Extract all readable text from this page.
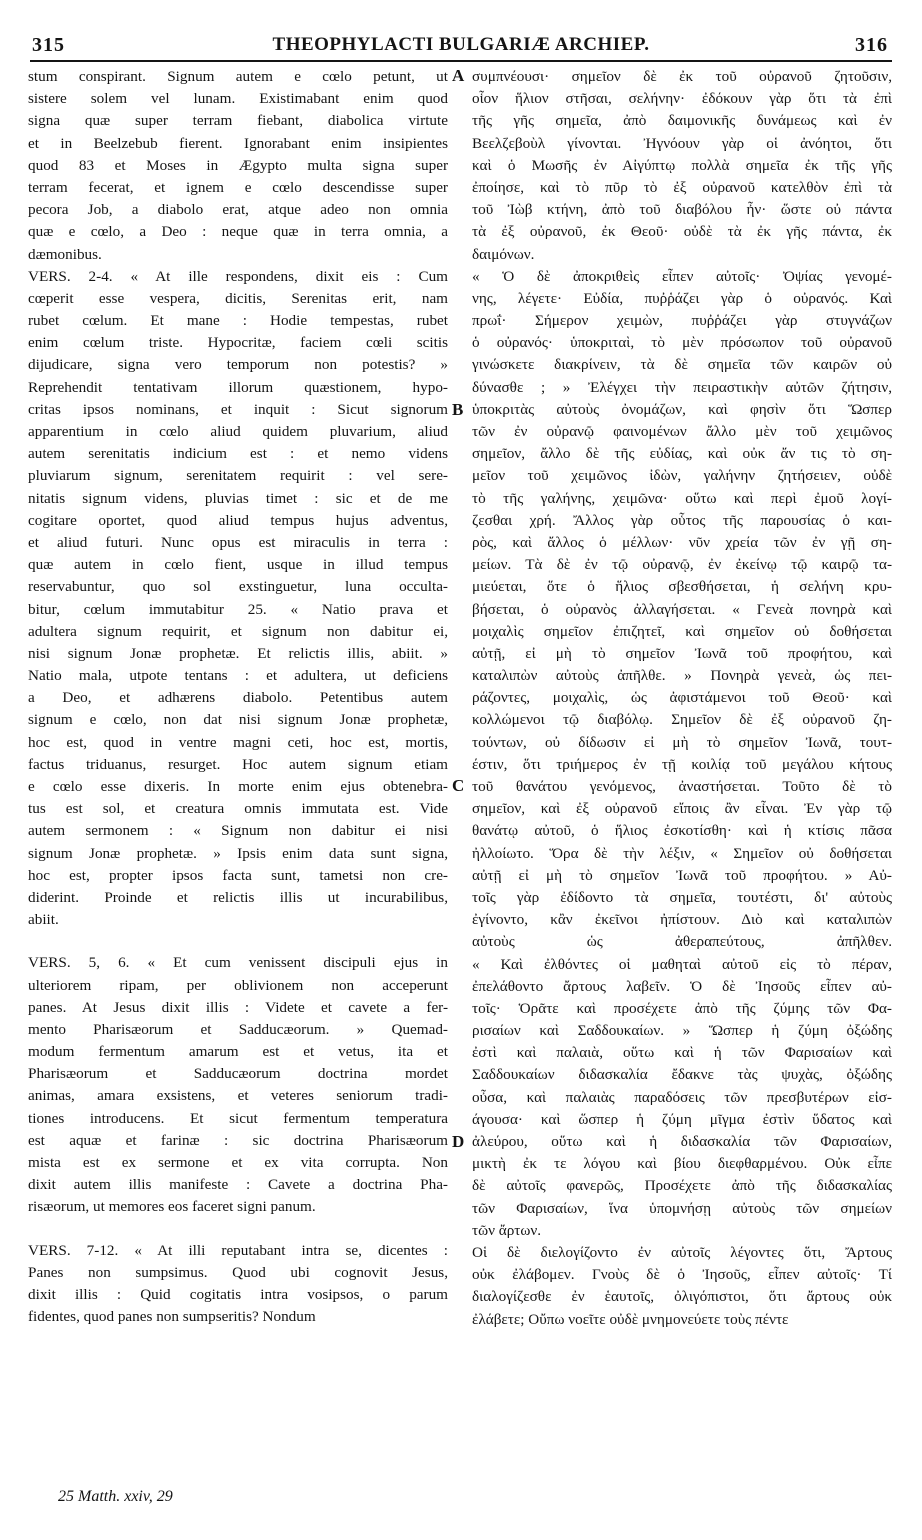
315	THEOPHYLACTI BULGARIÆ ARCHIEP.	316
stum conspirant. Signum autem e cœlo petunt, ut
sistere solem vel lunam. Existimabant enim quod
signa quæ super terram fiebant, diabolica virtute
et in Beelzebub fierent. Ignorabant enim insipientes
quod 83 et Moses in Ægypto multa signa super
terram fecerat, et ignem e cœlo descendisse super
pecora Job, a diabolo erat, atque adeo non omnia
quæ e cœlo, a Deo : neque quæ in terra omnia, a
dæmonibus.
VERS. 2-4. « At ille respondens, dixit eis : Cum
cœperit esse vespera, dicitis, Serenitas erit, nam
rubet cœlum. Et mane : Hodie tempestas, rubet
enim cœlum triste. Hypocritæ, faciem cœli scitis
dijudicare, signa vero temporum non potestis? »
Reprehendit tentativam illorum quæstionem, hypo-
critas ipsos nominans, et inquit : Sicut signorum
apparentium in cœlo aliud quidem pluvarium, aliud
autem serenitatis indicium est : et nemo videns
pluviarum signum, serenitatem requirit : vel sere-
nitatis signum videns, pluvias timet : sic et de me
cogitare oportet, quod aliud tempus hujus adventus,
et aliud futuri. Nunc opus est miraculis in terra :
quæ autem in cœlo fient, usque in illud tempus
reservabuntur, quo sol exstinguetur, luna occulta-
bitur, cœlum immutabitur 25. « Natio prava et
adultera signum requirit, et signum non dabitur ei,
nisi signum Jonæ prophetæ. Et relictis illis, abiit. »
Natio mala, utpote tentans : et adultera, ut deficiens
a Deo, et adhærens diabolo. Petentibus autem
signum e cœlo, non dat nisi signum Jonæ prophetæ,
hoc est, quod in ventre magni ceti, hoc est, mortis,
factus triduanus, resurget. Hoc autem signum etiam
e cœlo esse dixeris. In morte enim ejus obtenebra-
tus est sol, et creatura omnis immutata est. Vide
autem sermonem : « Signum non dabitur ei nisi
signum Jonæ prophetæ. » Ipsis enim data sunt signa,
hoc est, propter ipsos facta sunt, tametsi non cre-
diderint. Proinde et relictis illis ut incurabilibus,
abiit.
VERS. 5, 6. « Et cum venissent discipuli ejus in
ulteriorem ripam, per oblivionem non acceperunt
panes. At Jesus dixit illis : Videte et cavete a fer-
mento Pharisæorum et Sadducæorum. » Quemad-
modum fermentum amarum est et vetus, ita et
Pharisæorum et Sadducæorum doctrina mordet
animas, amara exsistens, et veteres seniorum tradi-
tiones introducens. Et sicut fermentum temperatura
est aquæ et farinæ : sic doctrina Pharisæorum
mista est ex sermone et ex vita corrupta. Non
dixit autem illis manifeste : Cavete a doctrina Pha-
risæorum, ut memores eos faceret signi panum.
VERS. 7-12. « At illi reputabant intra se, dicentes :
Panes non sumpsimus. Quod ubi cognovit Jesus,
dixit illis : Quid cogitatis intra vosipsos, o parum
fidentes, quod panes non sumpseritis? Nondum
συμπνέουσι· σημεῖον δὲ ἐκ τοῦ οὐρανοῦ ζητοῦσιν,
οἷον ἥλιον στῆσαι, σελήνην· ἐδόκουν γὰρ ὅτι τὰ ἐπὶ
τῆς γῆς σημεῖα, ἀπὸ δαιμονικῆς δυνάμεως καὶ ἐν
Βεελζεβοὺλ γίνονται. Ἠγνόουν γὰρ οἱ ἀνόητοι, ὅτι
καὶ ὁ Μωσῆς ἐν Αἰγύπτῳ πολλὰ σημεῖα ἐκ τῆς γῆς
ἐποίησε, καὶ τὸ πῦρ τὸ ἐξ οὐρανοῦ κατελθὸν ἐπὶ τὰ
τοῦ Ἰὼβ κτήνη, ἀπὸ τοῦ διαβόλου ἦν· ὥστε οὐ πάντα
τὰ ἐξ οὐρανοῦ, ἐκ Θεοῦ· οὐδὲ τὰ ἐκ γῆς πάντα, ἐκ
δαιμόνων.
« Ὁ δὲ ἀποκριθεὶς εἶπεν αὐτοῖς· Ὀψίας γενομέ-
νης, λέγετε· Εὐδία, πυῤῥάζει γὰρ ὁ οὐρανός. Καὶ
πρωΐ· Σήμερον χειμὼν, πυῤῥάζει γὰρ στυγνάζων
ὁ οὐρανός· ὑποκριταὶ, τὸ μὲν πρόσωπον τοῦ οὐρανοῦ
γινώσκετε διακρίνειν, τὰ δὲ σημεῖα τῶν καιρῶν οὐ
δύνασθε ; » Ἐλέγχει τὴν πειραστικὴν αὐτῶν ζήτησιν,
ὑποκριτὰς αὐτοὺς ὀνομάζων, καὶ φησὶν ὅτι Ὥσπερ
τῶν ἐν οὐρανῷ φαινομένων ἄλλο μὲν τοῦ χειμῶνος
σημεῖον, ἄλλο δὲ τῆς εὐδίας, καὶ οὐκ ἄν τις τὸ ση-
μεῖον τοῦ χειμῶνος ἰδὼν, γαλήνην ζητήσειεν, οὐδὲ
τὸ τῆς γαλήνης, χειμῶνα· οὕτω καὶ περὶ ἐμοῦ λογί-
ζεσθαι χρή. Ἄλλος γὰρ οὗτος τῆς παρουσίας ὁ και-
ρὸς, καὶ ἄλλος ὁ μέλλων· νῦν χρεία τῶν ἐν γῇ ση-
μείων. Τὰ δὲ ἐν τῷ οὐρανῷ, ἐν ἐκείνῳ τῷ καιρῷ τα-
μιεύεται, ὅτε ὁ ἥλιος σβεσθήσεται, ἡ σελήνη κρυ-
βήσεται, ὁ οὐρανὸς ἀλλαγήσεται. « Γενεὰ πονηρὰ καὶ
μοιχαλὶς σημεῖον ἐπιζητεῖ, καὶ σημεῖον οὐ δοθήσεται
αὐτῇ, εἰ μὴ τὸ σημεῖον Ἰωνᾶ τοῦ προφήτου, καὶ
καταλιπὼν αὐτοὺς ἀπῆλθε. » Πονηρὰ γενεὰ, ὡς πει-
ράζοντες, μοιχαλὶς, ὡς ἀφιστάμενοι τοῦ Θεοῦ· καὶ
κολλώμενοι τῷ διαβόλῳ. Σημεῖον δὲ ἐξ οὐρανοῦ ζη-
τούντων, οὐ δίδωσιν εἰ μὴ τὸ σημεῖον Ἰωνᾶ, τουτ-
έστιν, ὅτι τριήμερος ἐν τῇ κοιλίᾳ τοῦ μεγάλου κήτους
τοῦ θανάτου γενόμενος, ἀναστήσεται. Τοῦτο δὲ τὸ
σημεῖον, καὶ ἐξ οὐρανοῦ εἴποις ἂν εἶναι. Ἐν γὰρ τῷ
θανάτῳ αὐτοῦ, ὁ ἥλιος ἐσκοτίσθη· καὶ ἡ κτίσις πᾶσα
ἠλλοίωτο. Ὅρα δὲ τὴν λέξιν, « Σημεῖον οὐ δοθήσεται
αὐτῇ εἰ μὴ τὸ σημεῖον Ἰωνᾶ τοῦ προφήτου. » Αὐ-
τοῖς γὰρ ἐδίδοντο τὰ σημεῖα, τουτέστι, δι' αὐτοὺς
ἐγίνοντο, κἂν ἐκεῖνοι ἠπίστουν. Διὸ καὶ καταλιπὼν
αὐτοὺς ὡς ἀθεραπεύτους, ἀπῆλθεν.
« Καὶ ἐλθόντες οἱ μαθηταὶ αὐτοῦ εἰς τὸ πέραν,
ἐπελάθοντο ἄρτους λαβεῖν. Ὁ δὲ Ἰησοῦς εἶπεν αὐ-
τοῖς· Ὁρᾶτε καὶ προσέχετε ἀπὸ τῆς ζύμης τῶν Φα-
ρισαίων καὶ Σαδδουκαίων. » Ὥσπερ ἡ ζύμη ὀξώδης
ἐστὶ καὶ παλαιὰ, οὕτω καὶ ἡ τῶν Φαρισαίων καὶ
Σαδδουκαίων διδασκαλία ἔδακνε τὰς ψυχὰς, ὀξώδης
οὖσα, καὶ παλαιὰς παραδόσεις τῶν πρεσβυτέρων εἰσ-
άγουσα· καὶ ὥσπερ ἡ ζύμη μῖγμα ἐστὶν ὕδατος καὶ
ἀλεύρου, οὕτω καὶ ἡ διδασκαλία τῶν Φαρισαίων,
μικτὴ ἐκ τε λόγου καὶ βίου διεφθαρμένου. Οὐκ εἶπε
δὲ αὐτοῖς φανερῶς, Προσέχετε ἀπὸ τῆς διδασκαλίας
τῶν Φαρισαίων, ἵνα ὑπομνήσῃ αὐτοὺς τῶν σημείων
τῶν ἄρτων.
Οἱ δὲ διελογίζοντο ἐν αὐτοῖς λέγοντες ὅτι, Ἄρτους
οὐκ ἐλάβομεν. Γνοὺς δὲ ὁ Ἰησοῦς, εἶπεν αὐτοῖς· Τί
διαλογίζεσθε ἐν ἑαυτοῖς, ὀλιγόπιστοι, ὅτι ἄρτους οὐκ
ἐλάβετε; Οὔπω νοεῖτε οὐδὲ μνημονεύετε τοὺς πέντε
A
B
C
D
25 Matth. xxiv, 29
